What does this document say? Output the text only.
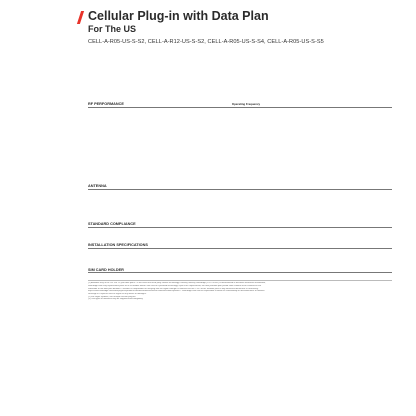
Cellular Plug-in with Data Plan
For The US
CELL-A-R05-US-S-S2, CELL-A-R12-US-S-S2, CELL-A-R05-US-S-S4, CELL-A-R05-US-S-S5
RF PERFORMANCE	Operating Frequency
ANTENNA
STANDARD COMPLIANCE
INSTALLATION SPECIFICATIONS
SIM CARD HOLDER
(1) Available only in the US. For 12 year data plans - in the event that third party cellular technology currently used by SolarEdge (LTE Cat M1) is discontinued or becomes otherwise unavailable,
SolarEdge shall fully replacement parts such as modem and/or SIM card at a prorated technology. Upon such replacement, the new prorated plan period shall continue to be covered for the
remainder of the data plan duration. Customer is responsible for verifying that the signal strength is sufficient via the CTE Cat-M1 network prior to any backend interference or recovering.
https://www.solaredge.com/sites/physical/products/communications/cellular-communication-options#/. SolarEdge shall not be responsible or liable for unavailability or discontinuance of network
coverage in a specific area or region or any losses or damages.
(2) For larger systems, use multiple cellular plug-ins
(3) Two types of antennas may be supplied interchangeably
